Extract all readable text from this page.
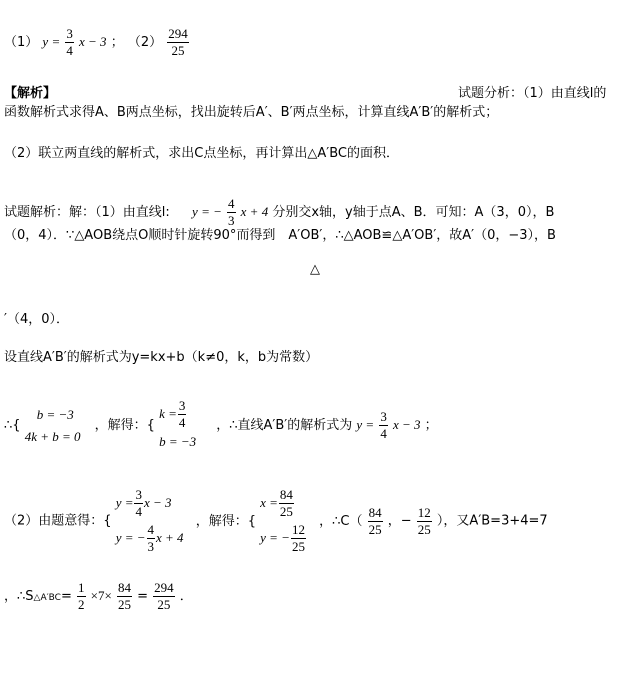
（1） $y = \frac{3}{4}$ x − 3 ； $(2) \frac{294}{25}$
【解析】	试题分析：（1）由直线l的
函数解析式求得A、B两点坐标，找出旋转后A′、B′两点坐标，计算直线A′B′的解析式；
（2）联立两直线的解析式，求出C点坐标，再计算出△A′BC的面积．
试题解析：解：（1）由直线l: y = − $\frac{4}{3}$ x + 4 分别交x轴，y轴于点A、B．可知：A（3，0），B
（0，4）．∵△AOB绕点O顺时针旋转90°而得到　A′OB′，∴△AOB≌△A′OB′，故A′（0，−3），B
△
′（4，0）．
设直线A′B′的解析式为y=kx+b（k≠0，k，b为常数）
∴{
b = −3
4k + b = 0
，解得：{
$k = \frac{3}{4}$
b = −3
，∴直线A′B′的解析式为 $y = \frac{3}{4}$ x − 3 ；
（2）由题意得：{
$y = \frac{3}{4}$ x − 3
y = − $\frac{4}{3}$ x + 4
，解得：{
$x = \frac{84}{25}$
y = − $\frac{12}{25}$
，∴C（ $\frac{84}{25}$ ，− $\frac{12}{25}$ ），又A′B=3+4=7
，∴S△A′BC= $\frac{1}{2} \times 7\times \frac{84}{25} = \frac{294}{25}$ ．
